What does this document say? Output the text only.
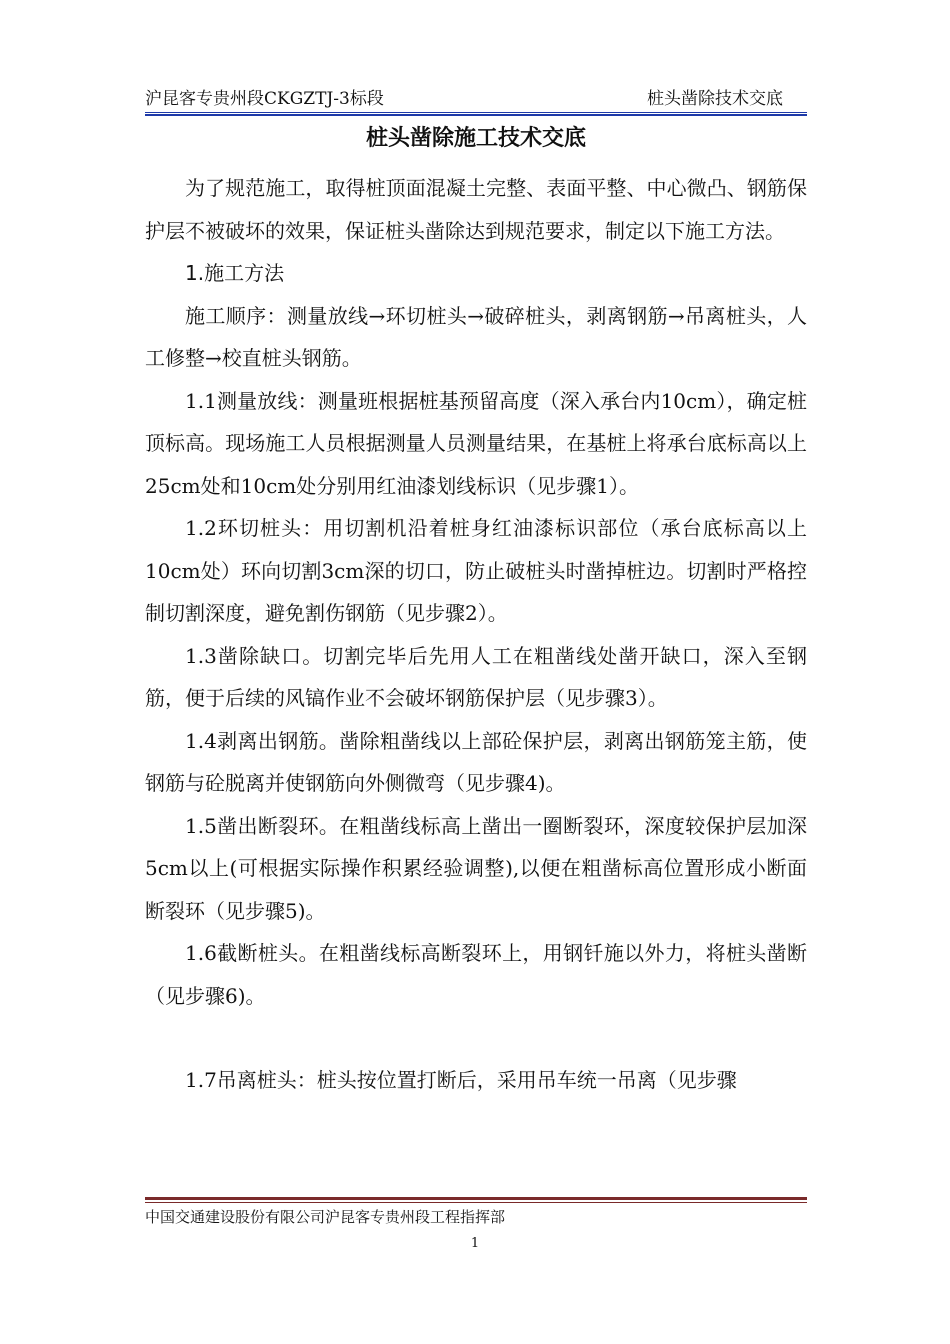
沪昆客专贵州段CKGZTJ-3标段	桩头凿除技术交底
桩头凿除施工技术交底

为了规范施工，取得桩顶面混凝土完整、表面平整、中心微凸、钢筋保护层不被破坏的效果，保证桩头凿除达到规范要求，制定以下施工方法。

1.施工方法

施工顺序：测量放线→环切桩头→破碎桩头，剥离钢筋→吊离桩头，人工修整→校直桩头钢筋。

1.1测量放线：测量班根据桩基预留高度（深入承台内10cm），确定桩顶标高。现场施工人员根据测量人员测量结果，在基桩上将承台底标高以上25cm处和10cm处分别用红油漆划线标识（见步骤1）。

1.2环切桩头：用切割机沿着桩身红油漆标识部位（承台底标高以上10cm处）环向切割3cm深的切口，防止破桩头时凿掉桩边。切割时严格控制切割深度，避免割伤钢筋（见步骤2）。

1.3凿除缺口。切割完毕后先用人工在粗凿线处凿开缺口，深入至钢筋，便于后续的风镐作业不会破坏钢筋保护层（见步骤3）。

1.4剥离出钢筋。凿除粗凿线以上部砼保护层，剥离出钢筋笼主筋，使钢筋与砼脱离并使钢筋向外侧微弯（见步骤4)。

1.5凿出断裂环。在粗凿线标高上凿出一圈断裂环，深度较保护层加深5cm以上(可根据实际操作积累经验调整),以便在粗凿标高位置形成小断面断裂环（见步骤5)。

1.6截断桩头。在粗凿线标高断裂环上，用钢钎施以外力，将桩头凿断（见步骤6)。

1.7吊离桩头：桩头按位置打断后，采用吊车统一吊离（见步骤

中国交通建设股份有限公司沪昆客专贵州段工程指挥部
1
